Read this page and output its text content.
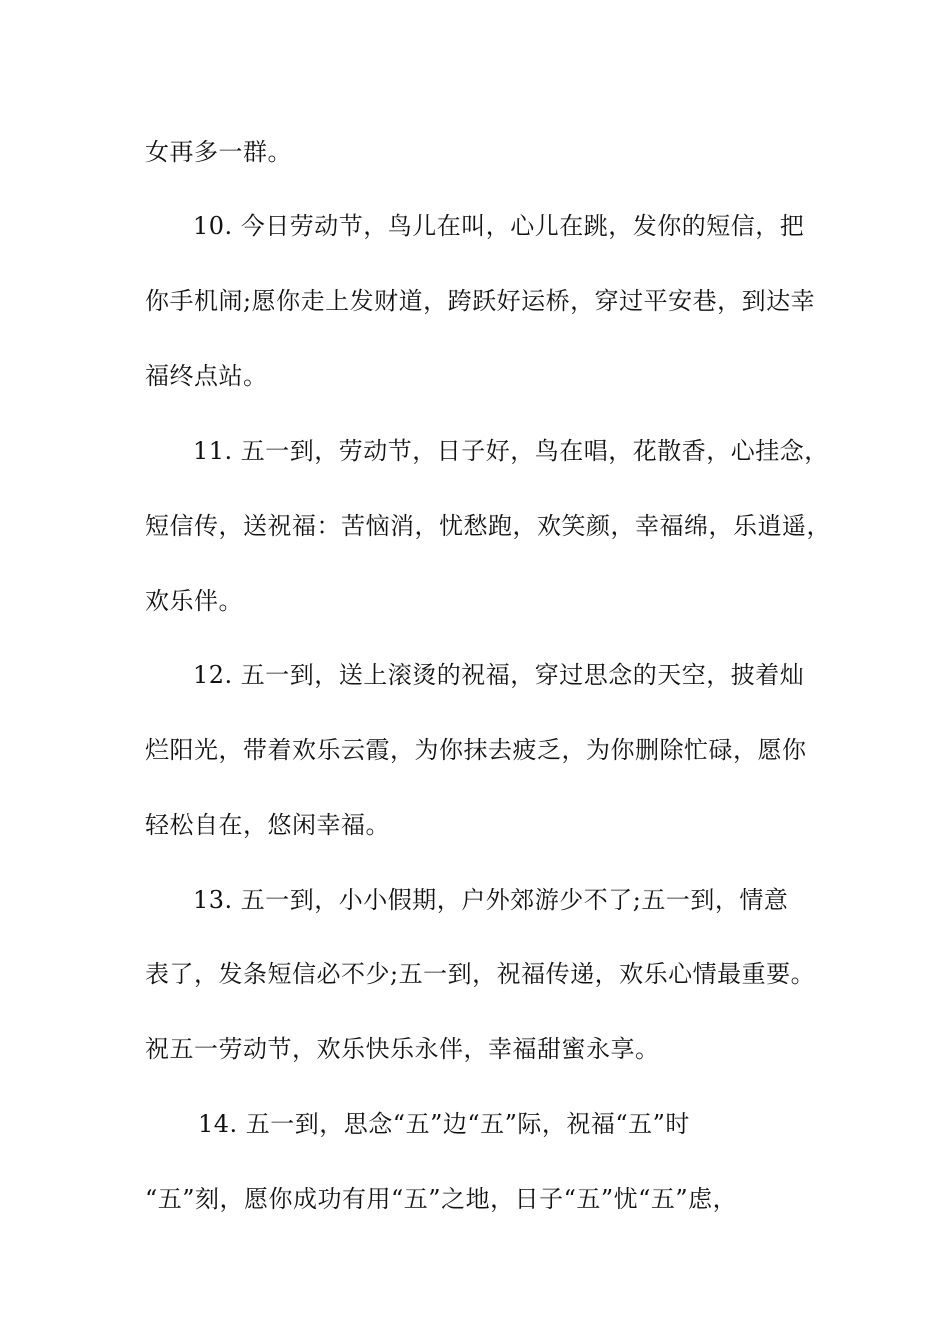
女再多一群。
10. 今日劳动节，鸟儿在叫，心儿在跳，发你的短信，把
你手机闹;愿你走上发财道，跨跃好运桥，穿过平安巷，到达幸
福终点站。
11. 五一到，劳动节，日子好，鸟在唱，花散香，心挂念，
短信传，送祝福：苦恼消，忧愁跑，欢笑颜，幸福绵，乐逍遥，
欢乐伴。
12. 五一到，送上滚烫的祝福，穿过思念的天空，披着灿
烂阳光，带着欢乐云霞，为你抹去疲乏，为你删除忙碌，愿你
轻松自在，悠闲幸福。
13. 五一到，小小假期，户外郊游少不了;五一到，情意
表了，发条短信必不少;五一到，祝福传递，欢乐心情最重要。
祝五一劳动节，欢乐快乐永伴，幸福甜蜜永享。
14. 五一到，思念“五”边“五”际，祝福“五”时
“五”刻，愿你成功有用“五”之地，日子“五”忧“五”虑，
